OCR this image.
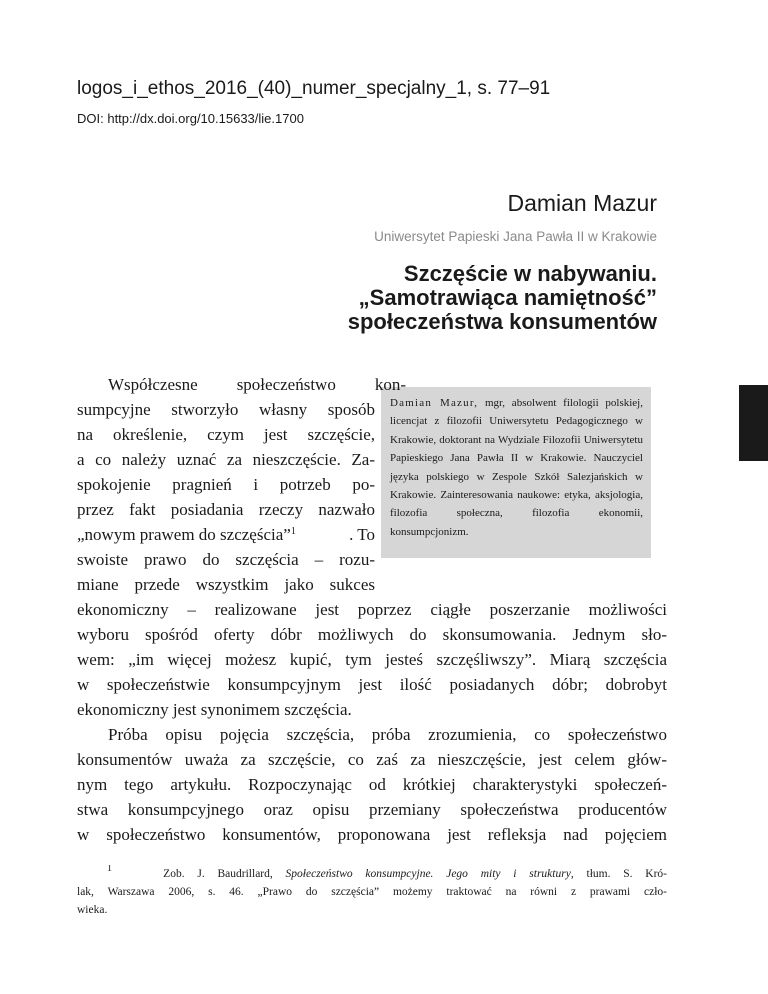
logos_i_ethos_2016_(40)_numer_specjalny_1, s. 77–91
DOI: http://dx.doi.org/10.15633/lie.1700
Damian Mazur
Uniwersytet Papieski Jana Pawła II w Krakowie
Szczęście w nabywaniu.
„Samotrawiąca namiętność”
społeczeństwa konsumentów
Damian Mazur, mgr, absolwent filologii polskiej, licencjat z filozofii Uniwersytetu Pedagogicznego w Krakowie, doktorant na Wydziale Filozofii Uniwersytetu Papieskiego Jana Pawła II w Krakowie. Nauczyciel języka polskiego w Zespole Szkół Salezjańskich w Krakowie. Zainteresowania naukowe: etyka, aksjologia, filozofia społeczna, filozofia ekonomii, konsumpcjonizm.
Współczesne społeczeństwo kon-
sumpcyjne stworzyło własny sposób
na określenie, czym jest szczęście,
a co należy uznać za nieszczęście. Za-
spokojenie pragnień i potrzeb po-
przez fakt posiadania rzeczy nazwało
„nowym prawem do szczęścia”$^1$	. To
swoiste prawo do szczęścia – rozu-
miane przede wszystkim jako sukces
ekonomiczny – realizowane jest poprzez ciągłe poszerzanie możliwości
wyboru spośród oferty dóbr możliwych do skonsumowania. Jednym sło-
wem: „im więcej możesz kupić, tym jesteś szczęśliwszy”. Miarą szczęścia
w społeczeństwie konsumpcyjnym jest ilość posiadanych dóbr; dobrobyt
ekonomiczny jest synonimem szczęścia.
Próba opisu pojęcia szczęścia, próba zrozumienia, co społeczeństwo
konsumentów uważa za szczęście, co zaś za nieszczęście, jest celem głów-
nym tego artykułu. Rozpoczynając od krótkiej charakterystyki społeczeń-
stwa konsumpcyjnego oraz opisu przemiany społeczeństwa producentów
w społeczeństwo konsumentów, proponowana jest refleksja nad pojęciem
$^1$	Zob. J. Baudrillard, Społeczeństwo konsumpcyjne. Jego mity i struktury, tłum. S. Kró-
lak, Warszawa 2006, s. 46. „Prawo do szczęścia” możemy traktować na równi z prawami czło-
wieka.
